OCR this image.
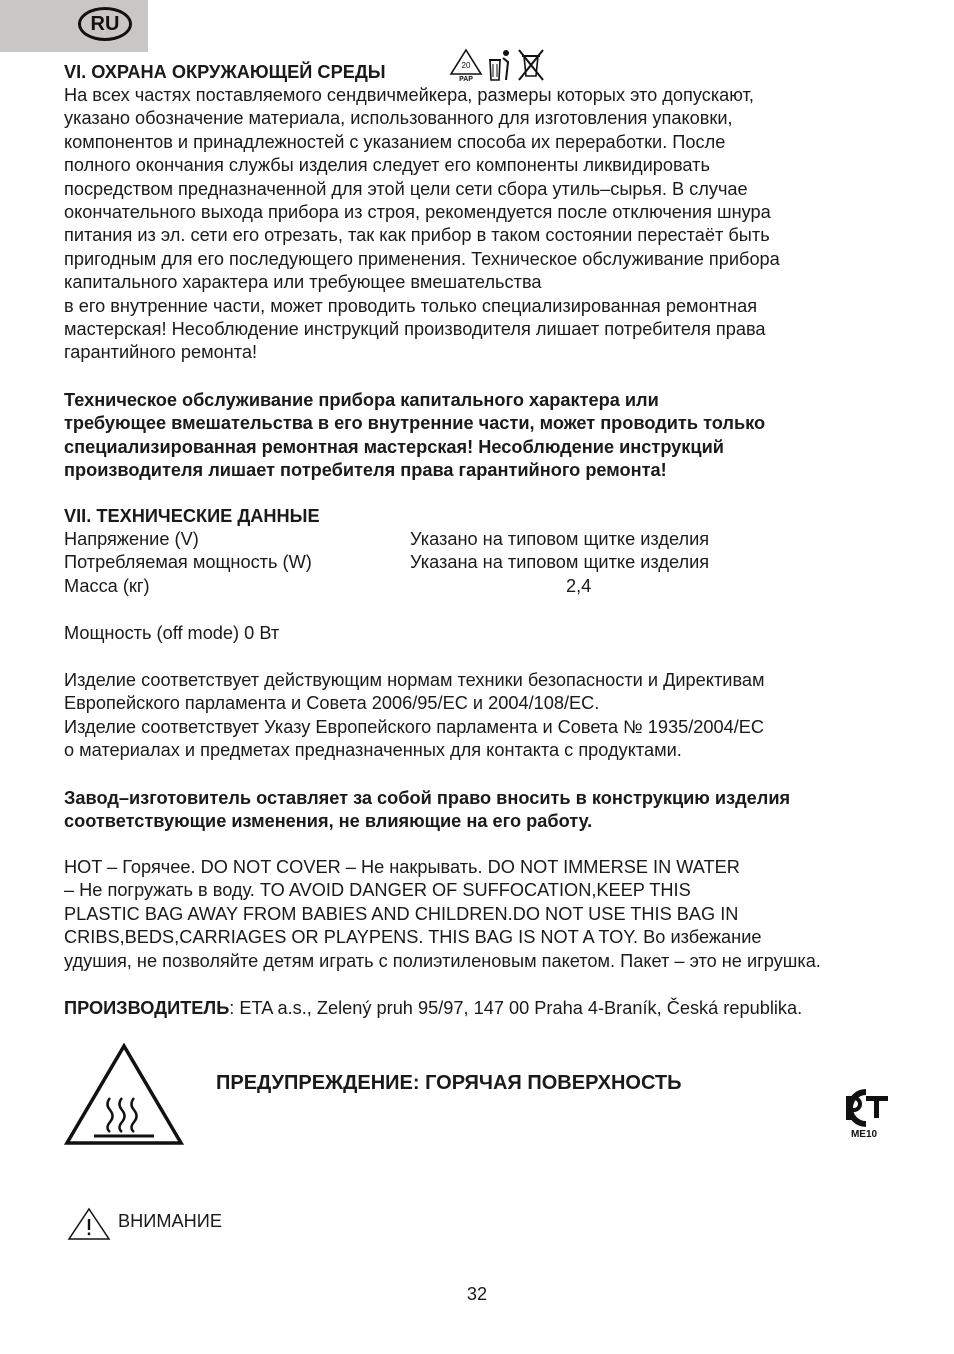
RU
VI. ОХРАНА ОКРУЖАЮЩЕЙ СРЕДЫ	20
PAP
На всех частях поставляемого сендвичмейкера, размеры которых это допускают,
указано обозначение материала, использованного для изготовления упаковки,
компонентов и принадлежностей с указанием способа их переработки. После
полного окончания службы изделия следует его компоненты ликвидировать
посредством предназначенной для этой цели сети сбора утиль–сырья. В случае
окончательного выхода прибора из строя, рекомендуется после отключения шнура
питания из эл. сети его отрезать, так как прибор в таком состоянии перестаёт быть
пригодным для его последующего применения. Техническое обслуживание прибора
капитального характера или требующее вмешательства
в его внутренние части, может проводить только специализированная ремонтная
мастерская! Несоблюдение инструкций производителя лишает потребителя права
гарантийного ремонта!
Техническое обслуживание прибора капитального характера или
требующее вмешательства в его внутренние части, может проводить только
специализированная ремонтная мастерская! Несоблюдение инструкций
производителя лишает потребителя права гарантийного ремонта!
VII. ТЕХНИЧЕСКИЕ ДАННЫЕ
Напряжение (V)	Указано на типовом щитке изделия
Потребляемая мощность (W)	Указана на типовом щитке изделия
Масса (кг)	2,4
Мощность (off mode) 0 Вт
Изделие соответствует действующим нормам техники безопасности и Директивам
Европейского парламента и Совета 2006/95/EC и 2004/108/EC.
Изделие соответствует Указу Европейского парламента и Совета № 1935/2004/EC
о материалах и предметах предназначенных для контакта с продуктами.
Завод–изготовитель оставляет за собой право вносить в конструкцию изделия
соответствующие изменения, не влияющие на его работу.
HOT – Горячее. DO NOT COVER – Не накрывать. DO NOT IMMERSE IN WATER
– Не погружать в воду. TO AVOID DANGER OF SUFFOCATION,KEEP THIS
PLASTIC BAG AWAY FROM BABIES AND CHILDREN.DO NOT USE THIS BAG IN
CRIBS,BEDS,CARRIAGES OR PLAYPENS. THIS BAG IS NOT A TOY. Во избежание
удушия, не позволяйте детям играть с полиэтиленовым пакетом. Пакет – это не игрушка.
ПРОИЗВОДИТЕЛЬ: ETA a.s., Zelený pruh 95/97, 147 00 Praha 4-Braník, Česká republika.
ПРЕДУПРЕЖДЕНИЕ: ГОРЯЧАЯ ПОВЕРХНОСТЬ
ME10
ВНИМАНИЕ
32
